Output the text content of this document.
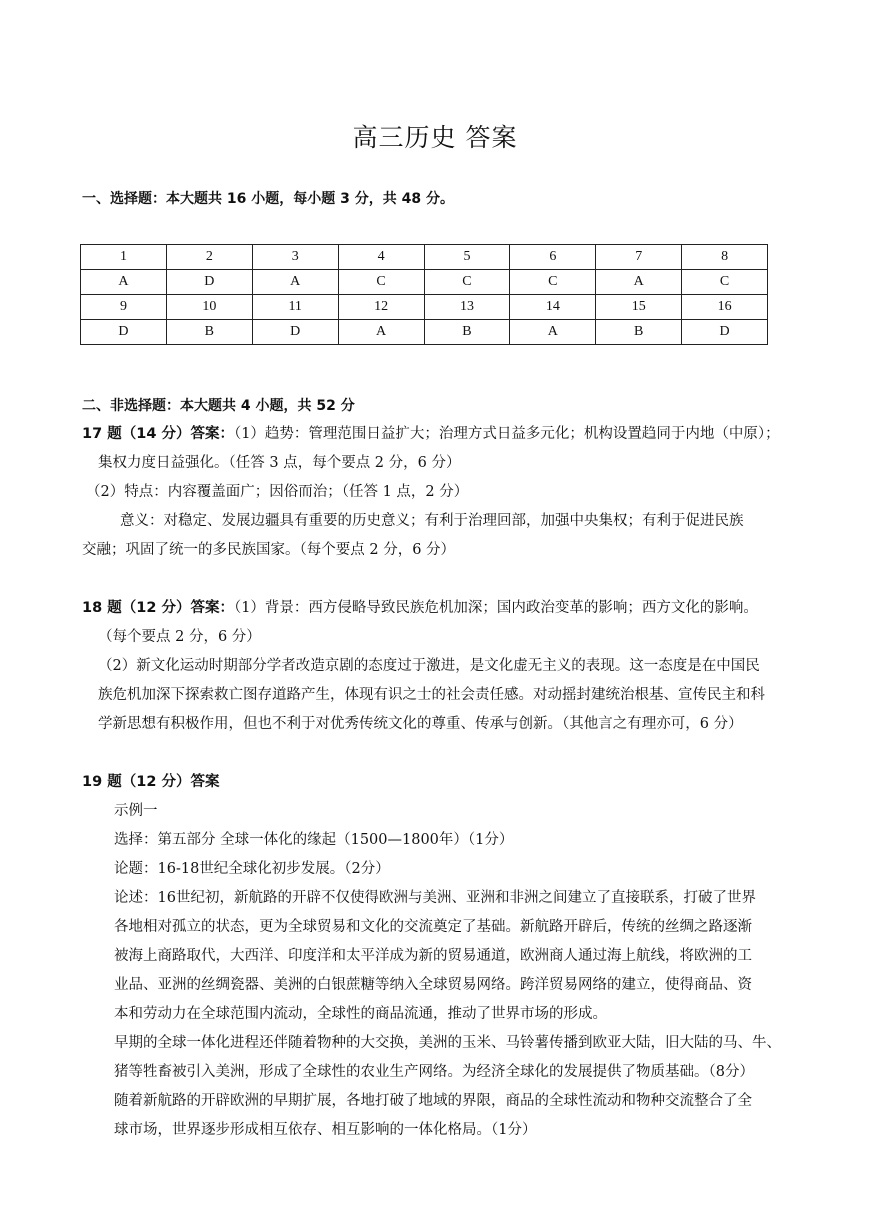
高三历史 答案
一、选择题：本大题共 16 小题，每小题 3 分，共 48 分。
1	2	3	4	5	6	7	8
A	D	A	C	C	C	A	C
9	10	11	12	13	14	15	16
D	B	D	A	B	A	B	D
二、非选择题：本大题共 4 小题，共 52 分
17 题（14 分）答案：（1）趋势：管理范围日益扩大；治理方式日益多元化；机构设置趋同于内地（中原）；
集权力度日益强化。（任答 3 点，每个要点 2 分，6 分）
（2）特点：内容覆盖面广；因俗而治；（任答 1 点，2 分）
意义：对稳定、发展边疆具有重要的历史意义；有利于治理回部，加强中央集权；有利于促进民族
交融；巩固了统一的多民族国家。（每个要点 2 分，6 分）
18 题（12 分）答案：（1）背景：西方侵略导致民族危机加深；国内政治变革的影响；西方文化的影响。
（每个要点 2 分，6 分）
（2）新文化运动时期部分学者改造京剧的态度过于激进，是文化虚无主义的表现。这一态度是在中国民
族危机加深下探索救亡图存道路产生，体现有识之士的社会责任感。对动摇封建统治根基、宣传民主和科
学新思想有积极作用，但也不利于对优秀传统文化的尊重、传承与创新。（其他言之有理亦可，6 分）
19 题（12 分）答案
示例一
选择：第五部分 全球一体化的缘起（1500—1800年）（1分）
论题：16-18世纪全球化初步发展。（2分）
论述：16世纪初，新航路的开辟不仅使得欧洲与美洲、亚洲和非洲之间建立了直接联系，打破了世界
各地相对孤立的状态，更为全球贸易和文化的交流奠定了基础。新航路开辟后，传统的丝绸之路逐渐
被海上商路取代，大西洋、印度洋和太平洋成为新的贸易通道，欧洲商人通过海上航线，将欧洲的工
业品、亚洲的丝绸瓷器、美洲的白银蔗糖等纳入全球贸易网络。跨洋贸易网络的建立，使得商品、资
本和劳动力在全球范围内流动，全球性的商品流通，推动了世界市场的形成。
早期的全球一体化进程还伴随着物种的大交换，美洲的玉米、马铃薯传播到欧亚大陆，旧大陆的马、牛、
猪等牲畜被引入美洲，形成了全球性的农业生产网络。为经济全球化的发展提供了物质基础。（8分）
随着新航路的开辟欧洲的早期扩展，各地打破了地域的界限，商品的全球性流动和物种交流整合了全
球市场，世界逐步形成相互依存、相互影响的一体化格局。（1分）
